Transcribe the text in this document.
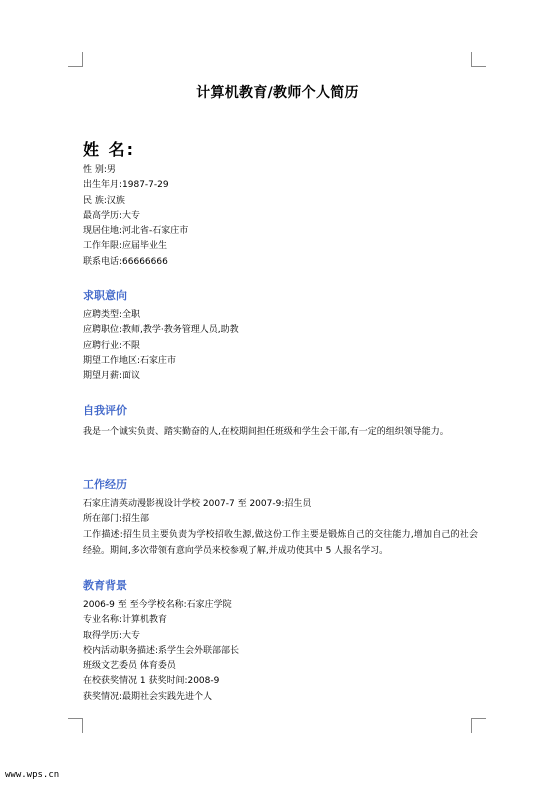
计算机教育/教师个人简历
姓 名:
性 别:男
出生年月:1987-7-29
民 族:汉族
最高学历:大专
现居住地:河北省-石家庄市
工作年限:应届毕业生
联系电话:66666666
求职意向
应聘类型:全职
应聘职位:教师,教学·教务管理人员,助教
应聘行业:不限
期望工作地区:石家庄市
期望月薪:面议
自我评价
我是一个诚实负责、踏实勤奋的人,在校期间担任班级和学生会干部,有一定的组织领导能力。
工作经历
石家庄清英动漫影视设计学校 2007-7 至 2007-9:招生员
所在部门:招生部
工作描述:招生员主要负责为学校招收生源,做这份工作主要是锻炼自己的交往能力,增加自己的社会经验。期间,多次带领有意向学员来校参观了解,并成功使其中 5 人报名学习。
教育背景
2006-9 至 至今学校名称:石家庄学院
专业名称:计算机教育
取得学历:大专
校内活动职务描述:系学生会外联部部长
班级文艺委员 体育委员
在校获奖情况 1 获奖时间:2008-9
获奖情况:最期社会实践先进个人
www.wps.cn
